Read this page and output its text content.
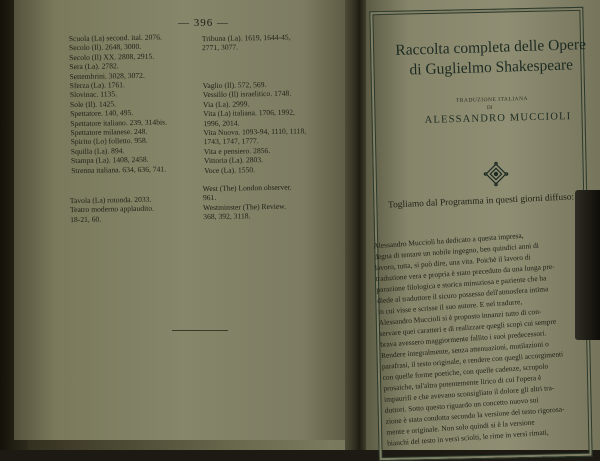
— 396 —
Scuola (La) second. ital. 2076.
Secolo (Il). 2648, 3000.
Secolo (Il) XX. 2808, 2915.
Sera (La). 2782.
Settembrini. 3028, 3072.
Sferza (La). 1761.
Slovinac. 1135.
Sole (Il). 1425.
Spettatore. 140, 495.
Spettatore italiano. 239, 314bis.
Spettatore milanese. 248.
Spirito (Lo) folletto. 958.
Squilla (La). 894.
Stampa (La). 1408, 2458.
Strenna italiana. 634, 636, 741.
Tribuna (La). 1619, 1644-45,
2771, 3077.
Vaglio (Il). 572, 569.
Vessillo (Il) israelitico. 1748.
Via (La). 2999.
Vita (La) italiana. 1706, 1992,
1996, 2014.
Vita Nuova. 1093-94, 1110, 1118,
1743, 1747, 1777.
Vita e pensiero. 2856.
Vittoria (La). 2803.
Voce (La). 1550.
Tavola (La) rotonda. 2033.
Teatro moderno applaudito.
18-21, 60.
West (The) London observer.
961.
Westminster (The) Review.
368, 392, 3118.
Raccolta completa delle Opere
di Guglielmo Shakespeare
TRADUZIONE ITALIANA
DI
ALESSANDRO MUCCIOLI
Togliamo dal Programma in questi giorni diffuso:
Alessandro Muccioli ha dedicato a questa impresa,
degna di tentare un nobile ingegno, ben quindici anni di
lavoro, tutta, si può dire, una vita. Poichè il lavoro di
traduzione vera e propria è stato preceduto da una lunga pre-
parazione filologica e storica minuziosa e paziente che ha
diede al traduttore il sicuro possesso dell'atmosfera intima
in cui visse e scrisse il suo autore. E nel tradurre,
Alessandro Muccioli si è proposto innanzi tutto di con-
servare quei caratteri e di realizzare quegli scopi cui sempre
brava avessero maggiormente fallito i suoi predecessori.
Rendere integralmente, senza attenuazioni, mutilazioni o
parafrasi, il testo originale, e rendere con quegli accorgimenti
con quelle forme poetiche, con quelle cadenze, scrupolo
prosaiche, tal'altra potentemente lirico di cui l'opera è
impaurifi e che avevano sconsigliato il dolore gli altri tra-
duttori. Sotto questo riguardo un concetto nuovo sui
zione è stata condotta secondo la versione del testo rigorosa-
mente e originale. Non solo quindi si è la versione
bianchi del testo in versi sciolti, le rime in versi rimati,
